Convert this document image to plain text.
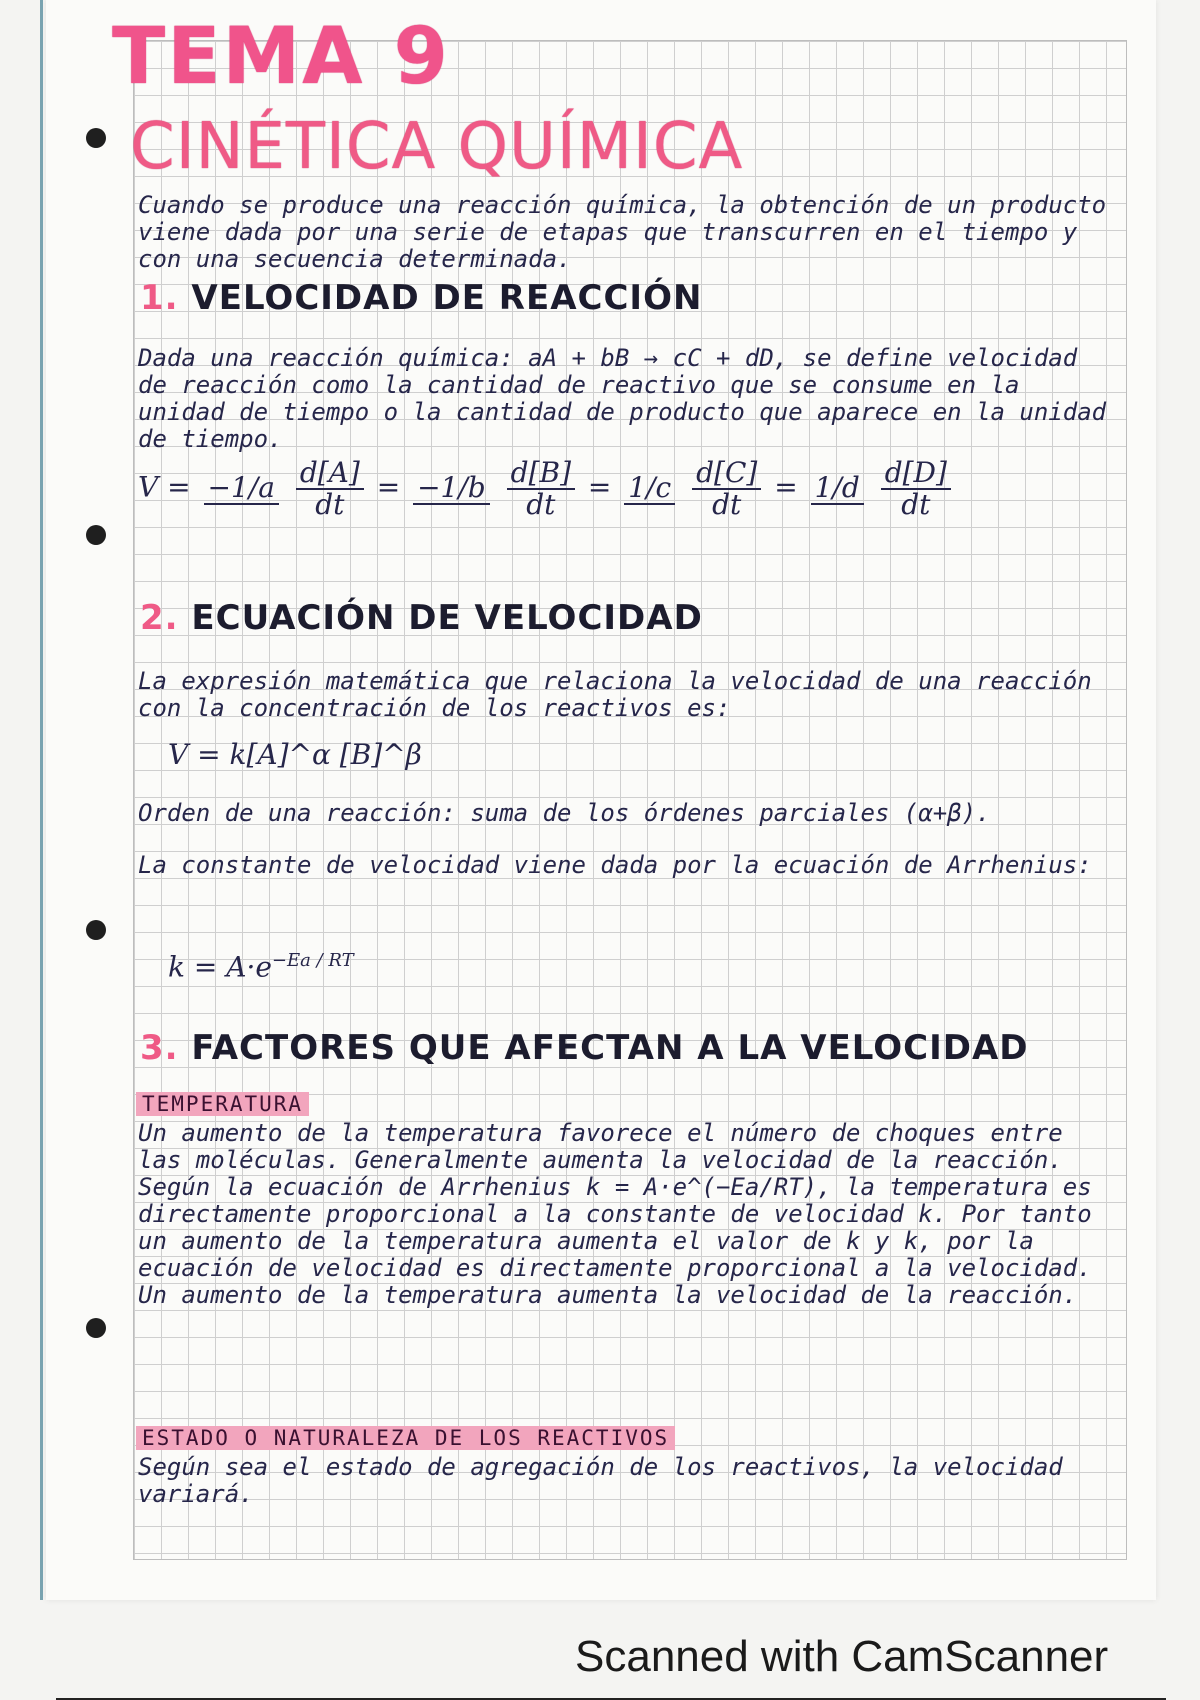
TEMA 9
CINÉTICA QUÍMICA
Cuando se produce una reacción química, la obtención de un producto viene dada por una serie de etapas que transcurren en el tiempo y con una secuencia determinada.
1. VELOCIDAD DE REACCIÓN
Dada una reacción química: aA + bB → cC + dD, se define velocidad de reacción como la cantidad de reactivo que se consume en la unidad de tiempo o la cantidad de producto que aparece en la unidad de tiempo.
V = −1/a
$\frac{d[A]}{dt} = -1/b$
$\frac{d[B]}{dt} = 1/c$
$\frac{d[C]}{dt} = 1/d$
$\frac{d[D]}{dt}$
2. ECUACIÓN DE VELOCIDAD
La expresión matemática que relaciona la velocidad de una reacción con la concentración de los reactivos es:
V = k[A]^α [B]^β
Orden de una reacción: suma de los órdenes parciales (α+β).
La constante de velocidad viene dada por la ecuación de Arrhenius:
$k = A\cdot e^{-Ea / RT}$
3. FACTORES QUE AFECTAN A LA VELOCIDAD
TEMPERATURA
Un aumento de la temperatura favorece el número de choques entre las moléculas. Generalmente aumenta la velocidad de la reacción. Según la ecuación de Arrhenius k = A·e^(−Ea/RT), la temperatura es directamente proporcional a la constante de velocidad k. Por tanto un aumento de la temperatura aumenta el valor de k y k, por la ecuación de velocidad es directamente proporcional a la velocidad. Un aumento de la temperatura aumenta la velocidad de la reacción.
ESTADO O NATURALEZA DE LOS REACTIVOS
Según sea el estado de agregación de los reactivos, la velocidad variará.
Scanned with CamScanner
